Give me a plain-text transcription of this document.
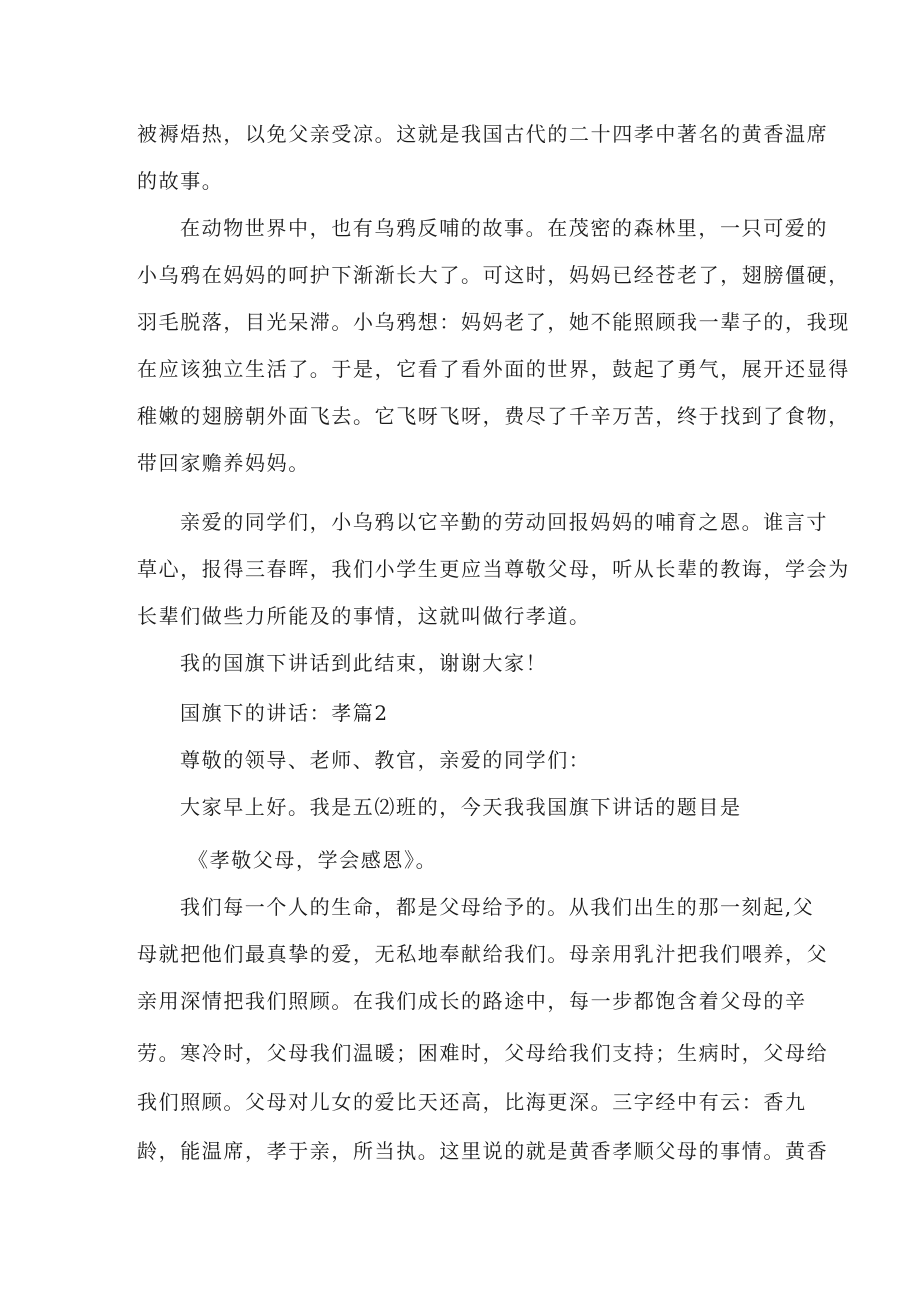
被褥焐热，以免父亲受凉。这就是我国古代的二十四孝中著名的黄香温席
的故事。
在动物世界中，也有乌鸦反哺的故事。在茂密的森林里，一只可爱的
小乌鸦在妈妈的呵护下渐渐长大了。可这时，妈妈已经苍老了，翅膀僵硬，
羽毛脱落，目光呆滞。小乌鸦想：妈妈老了，她不能照顾我一辈子的，我现
在应该独立生活了。于是，它看了看外面的世界，鼓起了勇气，展开还显得
稚嫩的翅膀朝外面飞去。它飞呀飞呀，费尽了千辛万苦，终于找到了食物，
带回家赡养妈妈。
亲爱的同学们，小乌鸦以它辛勤的劳动回报妈妈的哺育之恩。谁言寸
草心，报得三春晖，我们小学生更应当尊敬父母，听从长辈的教诲，学会为
长辈们做些力所能及的事情，这就叫做行孝道。
我的国旗下讲话到此结束，谢谢大家！
国旗下的讲话：孝篇2
尊敬的领导、老师、教官，亲爱的同学们：
大家早上好。我是五⑵班的，今天我我国旗下讲话的题目是
《孝敬父母，学会感恩》。
我们每一个人的生命，都是父母给予的。从我们出生的那一刻起,父
母就把他们最真挚的爱，无私地奉献给我们。母亲用乳汁把我们喂养，父
亲用深情把我们照顾。在我们成长的路途中，每一步都饱含着父母的辛
劳。寒冷时，父母我们温暖；困难时，父母给我们支持；生病时，父母给
我们照顾。父母对儿女的爱比天还高，比海更深。三字经中有云：香九
龄，能温席，孝于亲，所当执。这里说的就是黄香孝顺父母的事情。黄香
